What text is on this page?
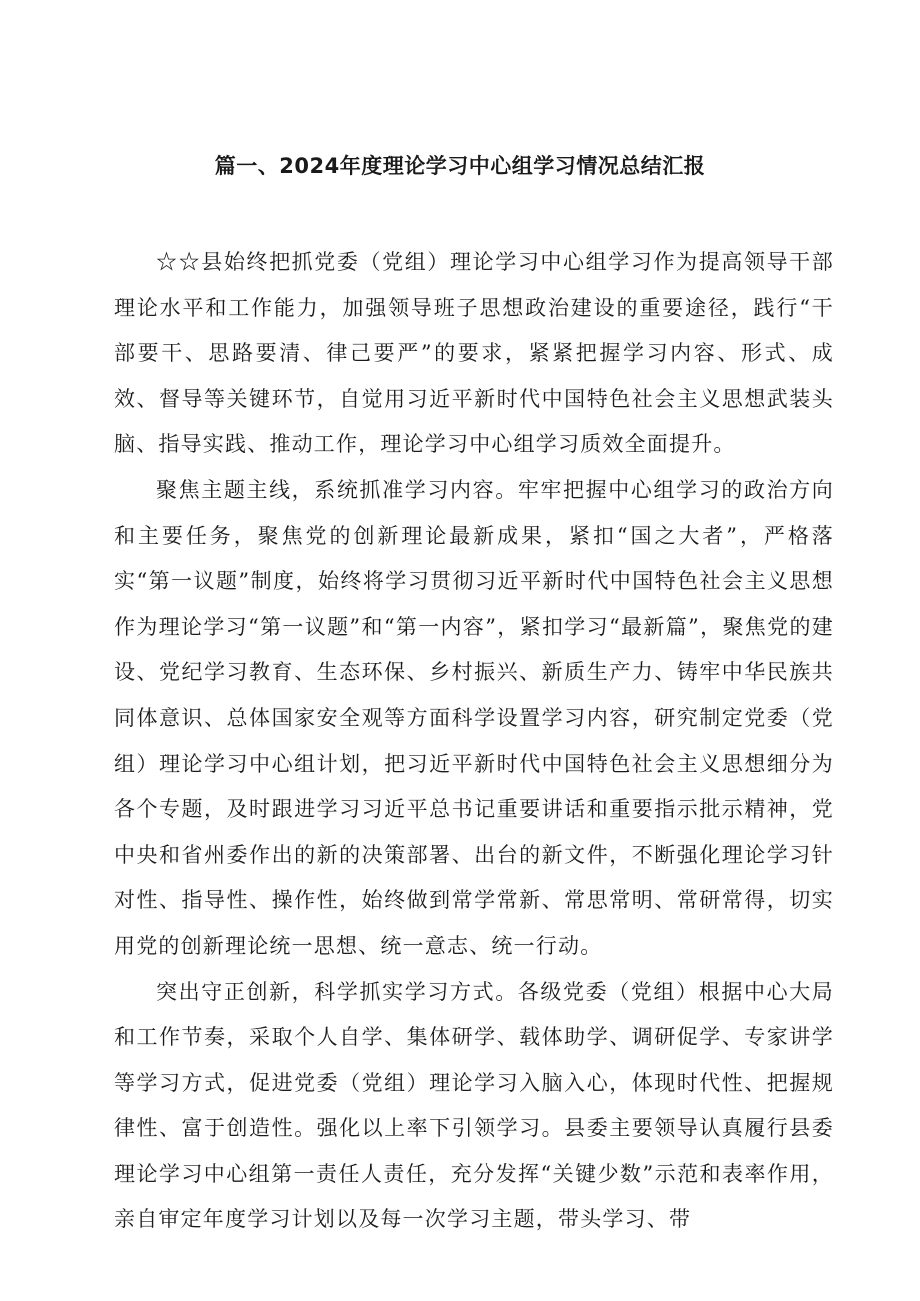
篇一、2024年度理论学习中心组学习情况总结汇报

☆☆县始终把抓党委（党组）理论学习中心组学习作为提高领导干部理论水平和工作能力，加强领导班子思想政治建设的重要途径，践行“干部要干、思路要清、律己要严”的要求，紧紧把握学习内容、形式、成效、督导等关键环节，自觉用习近平新时代中国特色社会主义思想武装头脑、指导实践、推动工作，理论学习中心组学习质效全面提升。

聚焦主题主线，系统抓准学习内容。牢牢把握中心组学习的政治方向和主要任务，聚焦党的创新理论最新成果，紧扣“国之大者”，严格落实“第一议题”制度，始终将学习贯彻习近平新时代中国特色社会主义思想作为理论学习“第一议题”和“第一内容”，紧扣学习“最新篇”，聚焦党的建设、党纪学习教育、生态环保、乡村振兴、新质生产力、铸牢中华民族共同体意识、总体国家安全观等方面科学设置学习内容，研究制定党委（党组）理论学习中心组计划，把习近平新时代中国特色社会主义思想细分为各个专题，及时跟进学习习近平总书记重要讲话和重要指示批示精神，党中央和省州委作出的新的决策部署、出台的新文件，不断强化理论学习针对性、指导性、操作性，始终做到常学常新、常思常明、常研常得，切实用党的创新理论统一思想、统一意志、统一行动。

突出守正创新，科学抓实学习方式。各级党委（党组）根据中心大局和工作节奏，采取个人自学、集体研学、载体助学、调研促学、专家讲学等学习方式，促进党委（党组）理论学习入脑入心，体现时代性、把握规律性、富于创造性。强化以上率下引领学习。县委主要领导认真履行县委理论学习中心组第一责任人责任，充分发挥“关键少数”示范和表率作用，亲自审定年度学习计划以及每一次学习主题，带头学习、带
